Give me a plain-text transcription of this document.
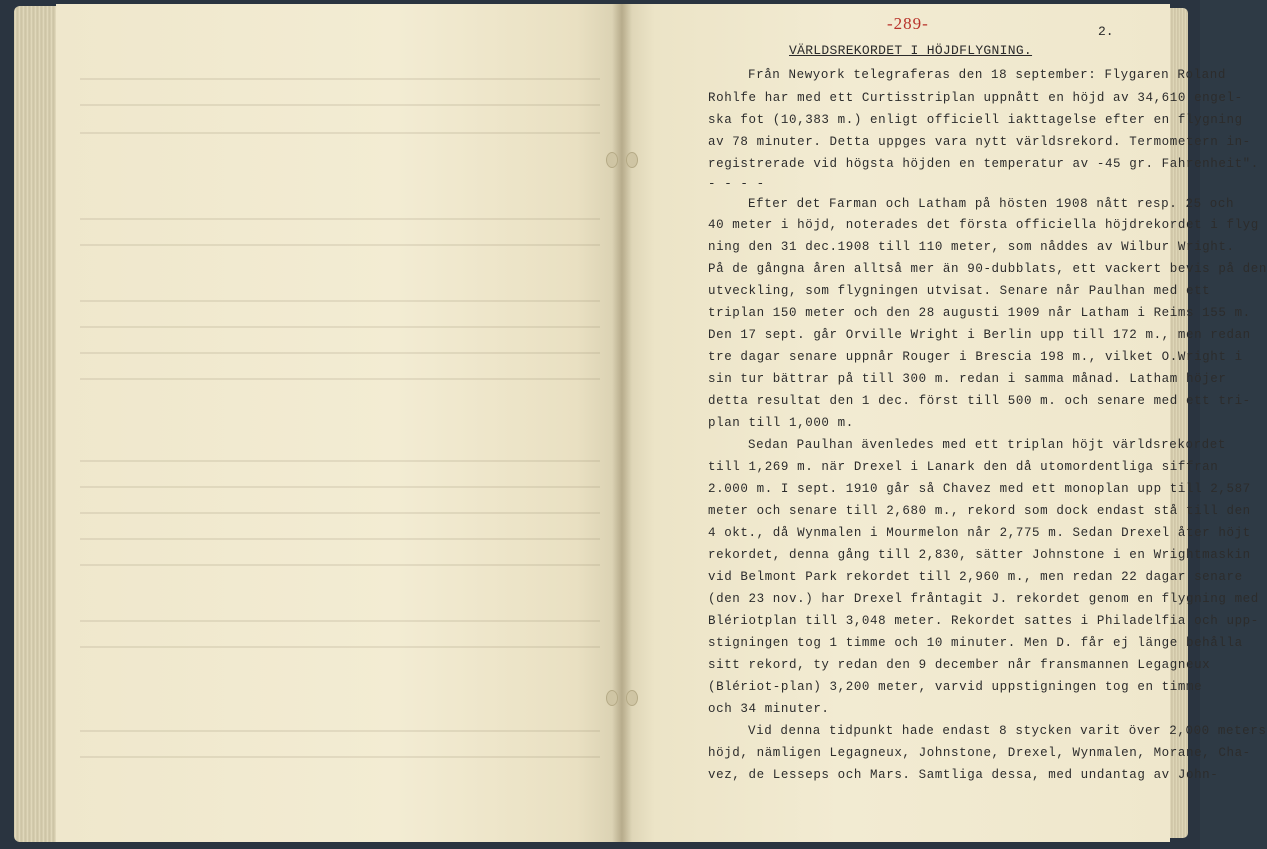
-289-	2.
VÄRLDSREKORDET I HÖJDFLYGNING.
Från Newyork telegraferas den 18 september: Flygaren Roland
Rohlfe har med ett Curtisstriplan uppnått en höjd av 34,610 engel-
ska fot (10,383 m.) enligt officiell iakttagelse efter en flygning
av 78 minuter. Detta uppges vara nytt världsrekord. Termometern in-
registrerade vid högsta höjden en temperatur av -45 gr. Fahrenheit".
- - - -
Efter det Farman och Latham på hösten 1908 nått resp. 25 och
40 meter i höjd, noterades det första officiella höjdrekordet i flyg
ning den 31 dec.1908 till 110 meter, som nåddes av Wilbur Wright.
På de gångna åren alltså mer än 90-dubblats, ett vackert bevis på den
utveckling, som flygningen utvisat. Senare når Paulhan med ett
triplan 150 meter och den 28 augusti 1909 når Latham i Reims 155 m.
Den 17 sept. går Orville Wright i Berlin upp till 172 m., men redan
tre dagar senare uppnår Rouger i Brescia 198 m., vilket O.Wright i
sin tur bättrar på till 300 m. redan i samma månad. Latham höjer
detta resultat den 1 dec. först till 500 m. och senare med ett tri-
plan till 1,000 m.
Sedan Paulhan ävenledes med ett triplan höjt världsrekordet
till 1,269 m. när Drexel i Lanark den då utomordentliga siffran
2.000 m. I sept. 1910 går så Chavez med ett monoplan upp till 2,587
meter och senare till 2,680 m., rekord som dock endast stå till den
4 okt., då Wynmalen i Mourmelon når 2,775 m. Sedan Drexel åter höjt
rekordet, denna gång till 2,830, sätter Johnstone i en Wrightmaskin
vid Belmont Park rekordet till 2,960 m., men redan 22 dagar senare
(den 23 nov.) har Drexel fråntagit J. rekordet genom en flygning med
Blériotplan till 3,048 meter. Rekordet sattes i Philadelfia och upp-
stigningen tog 1 timme och 10 minuter. Men D. får ej länge behålla
sitt rekord, ty redan den 9 december når fransmannen Legagneux
(Blériot-plan) 3,200 meter, varvid uppstigningen tog en timme
och 34 minuter.
Vid denna tidpunkt hade endast 8 stycken varit över 2,000 meters
höjd, nämligen Legagneux, Johnstone, Drexel, Wynmalen, Morane, Cha-
vez, de Lesseps och Mars. Samtliga dessa, med undantag av John-
